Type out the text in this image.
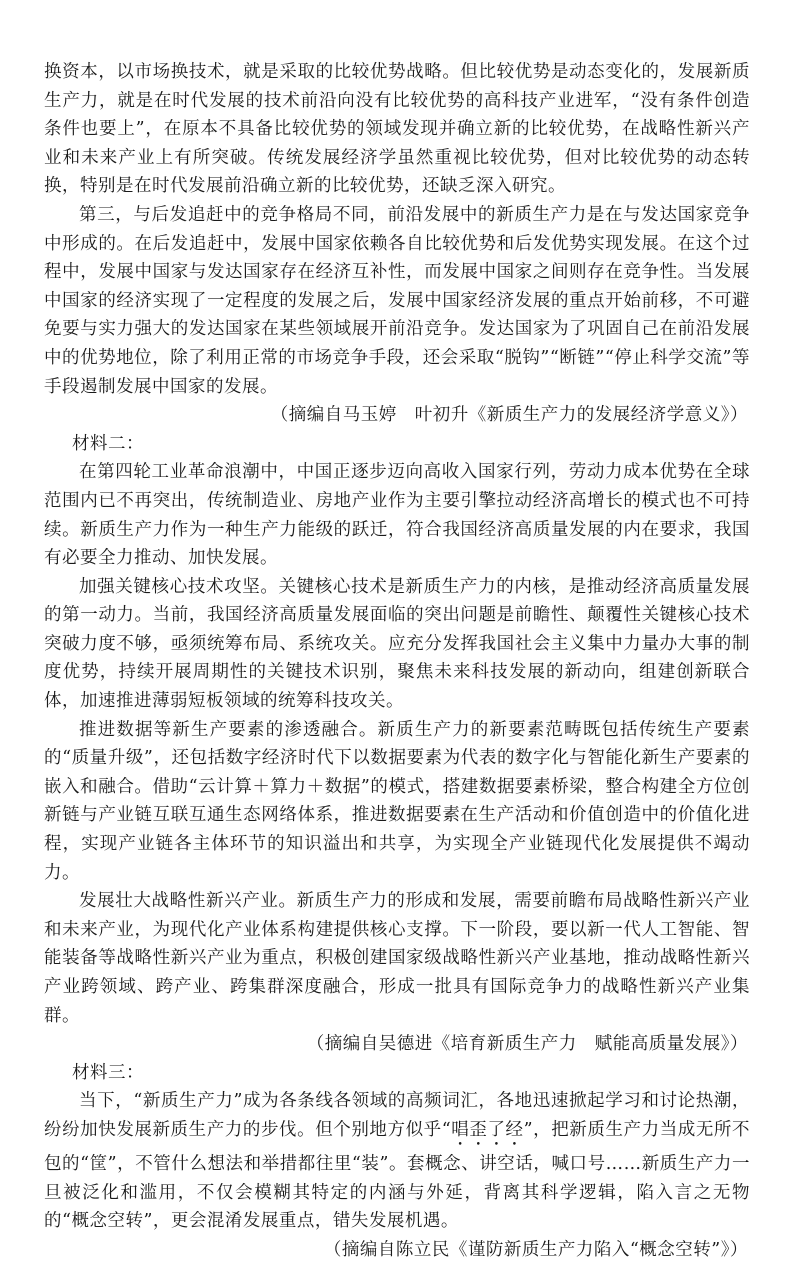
换资本，以市场换技术，就是采取的比较优势战略。但比较优势是动态变化的，发展新质生产力，就是在时代发展的技术前沿向没有比较优势的高科技产业进军，“没有条件创造条件也要上”，在原本不具备比较优势的领域发现并确立新的比较优势，在战略性新兴产业和未来产业上有所突破。传统发展经济学虽然重视比较优势，但对比较优势的动态转换，特别是在时代发展前沿确立新的比较优势，还缺乏深入研究。

第三，与后发追赶中的竞争格局不同，前沿发展中的新质生产力是在与发达国家竞争中形成的。在后发追赶中，发展中国家依赖各自比较优势和后发优势实现发展。在这个过程中，发展中国家与发达国家存在经济互补性，而发展中国家之间则存在竞争性。当发展中国家的经济实现了一定程度的发展之后，发展中国家经济发展的重点开始前移，不可避免要与实力强大的发达国家在某些领域展开前沿竞争。发达国家为了巩固自己在前沿发展中的优势地位，除了利用正常的市场竞争手段，还会采取“脱钩”“断链”“停止科学交流”等手段遏制发展中国家的发展。

（摘编自马玉婷　叶初升《新质生产力的发展经济学意义》）

材料二：

在第四轮工业革命浪潮中，中国正逐步迈向高收入国家行列，劳动力成本优势在全球范围内已不再突出，传统制造业、房地产业作为主要引擎拉动经济高增长的模式也不可持续。新质生产力作为一种生产力能级的跃迁，符合我国经济高质量发展的内在要求，我国有必要全力推动、加快发展。

加强关键核心技术攻坚。关键核心技术是新质生产力的内核，是推动经济高质量发展的第一动力。当前，我国经济高质量发展面临的突出问题是前瞻性、颠覆性关键核心技术突破力度不够，亟须统筹布局、系统攻关。应充分发挥我国社会主义集中力量办大事的制度优势，持续开展周期性的关键技术识别，聚焦未来科技发展的新动向，组建创新联合体，加速推进薄弱短板领域的统筹科技攻关。

推进数据等新生产要素的渗透融合。新质生产力的新要素范畴既包括传统生产要素的“质量升级”，还包括数字经济时代下以数据要素为代表的数字化与智能化新生产要素的嵌入和融合。借助“云计算＋算力＋数据”的模式，搭建数据要素桥梁，整合构建全方位创新链与产业链互联互通生态网络体系，推进数据要素在生产活动和价值创造中的价值化进程，实现产业链各主体环节的知识溢出和共享，为实现全产业链现代化发展提供不竭动力。

发展壮大战略性新兴产业。新质生产力的形成和发展，需要前瞻布局战略性新兴产业和未来产业，为现代化产业体系构建提供核心支撑。下一阶段，要以新一代人工智能、智能装备等战略性新兴产业为重点，积极创建国家级战略性新兴产业基地，推动战略性新兴产业跨领域、跨产业、跨集群深度融合，形成一批具有国际竞争力的战略性新兴产业集群。

（摘编自吴德进《培育新质生产力　赋能高质量发展》）

材料三：

当下，“新质生产力”成为各条线各领域的高频词汇，各地迅速掀起学习和讨论热潮，纷纷加快发展新质生产力的步伐。但个别地方似乎“唱歪了经”，把新质生产力当成无所不包的“筐”，不管什么想法和举措都往里“装”。套概念、讲空话，喊口号……新质生产力一旦被泛化和滥用，不仅会模糊其特定的内涵与外延，背离其科学逻辑，陷入言之无物的“概念空转”，更会混淆发展重点，错失发展机遇。

（摘编自陈立民《谨防新质生产力陷入“概念空转”》）
